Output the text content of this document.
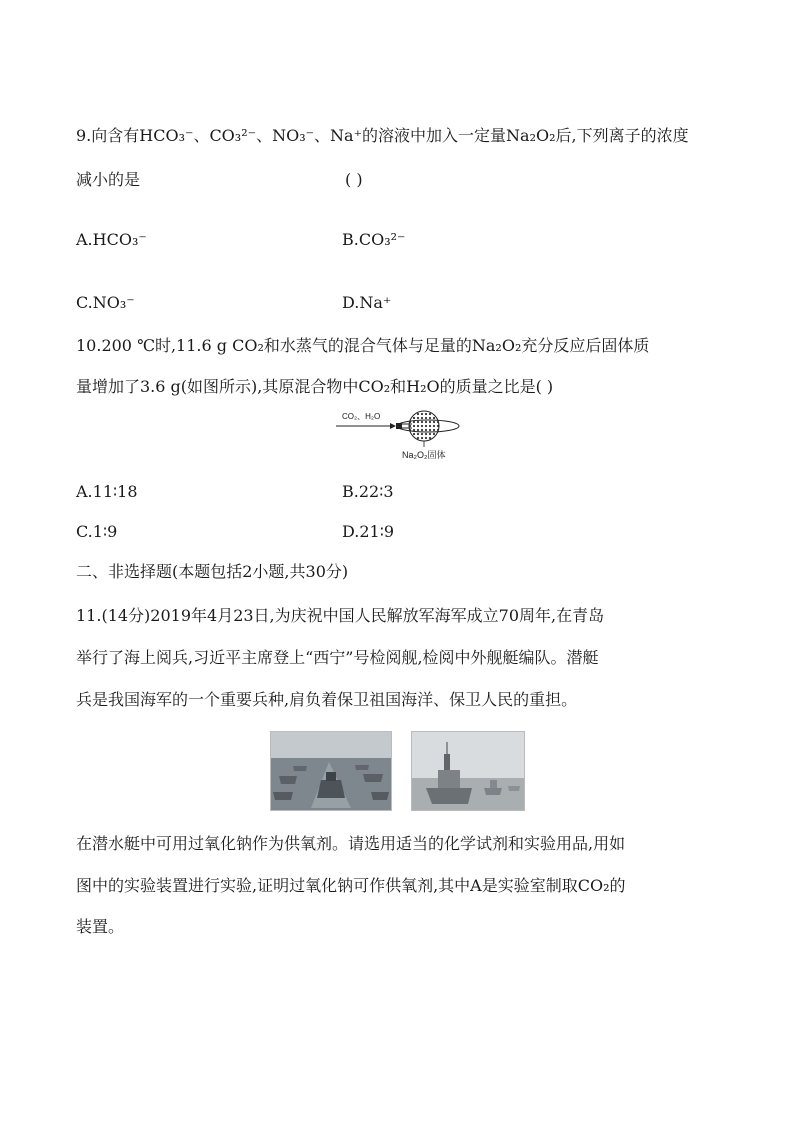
9.向含有HCO₃⁻、CO₃²⁻、NO₃⁻、Na⁺的溶液中加入一定量Na₂O₂后,下列离子的浓度
减小的是	( )
A.HCO₃⁻	B.CO₃²⁻
C.NO₃⁻	D.Na⁺
10.200 ℃时,11.6 g CO₂和水蒸气的混合气体与足量的Na₂O₂充分反应后固体质
量增加了3.6 g(如图所示),其原混合物中CO₂和H₂O的质量之比是( )
CO₂、H₂O
Na₂O₂固体
A.11∶18	B.22∶3
C.1∶9	D.21∶9
二、非选择题(本题包括2小题,共30分)
11.(14分)2019年4月23日,为庆祝中国人民解放军海军成立70周年,在青岛
举行了海上阅兵,习近平主席登上“西宁”号检阅舰,检阅中外舰艇编队。潜艇
兵是我国海军的一个重要兵种,肩负着保卫祖国海洋、保卫人民的重担。
在潜水艇中可用过氧化钠作为供氧剂。请选用适当的化学试剂和实验用品,用如
图中的实验装置进行实验,证明过氧化钠可作供氧剂,其中A是实验室制取CO₂的
装置。
